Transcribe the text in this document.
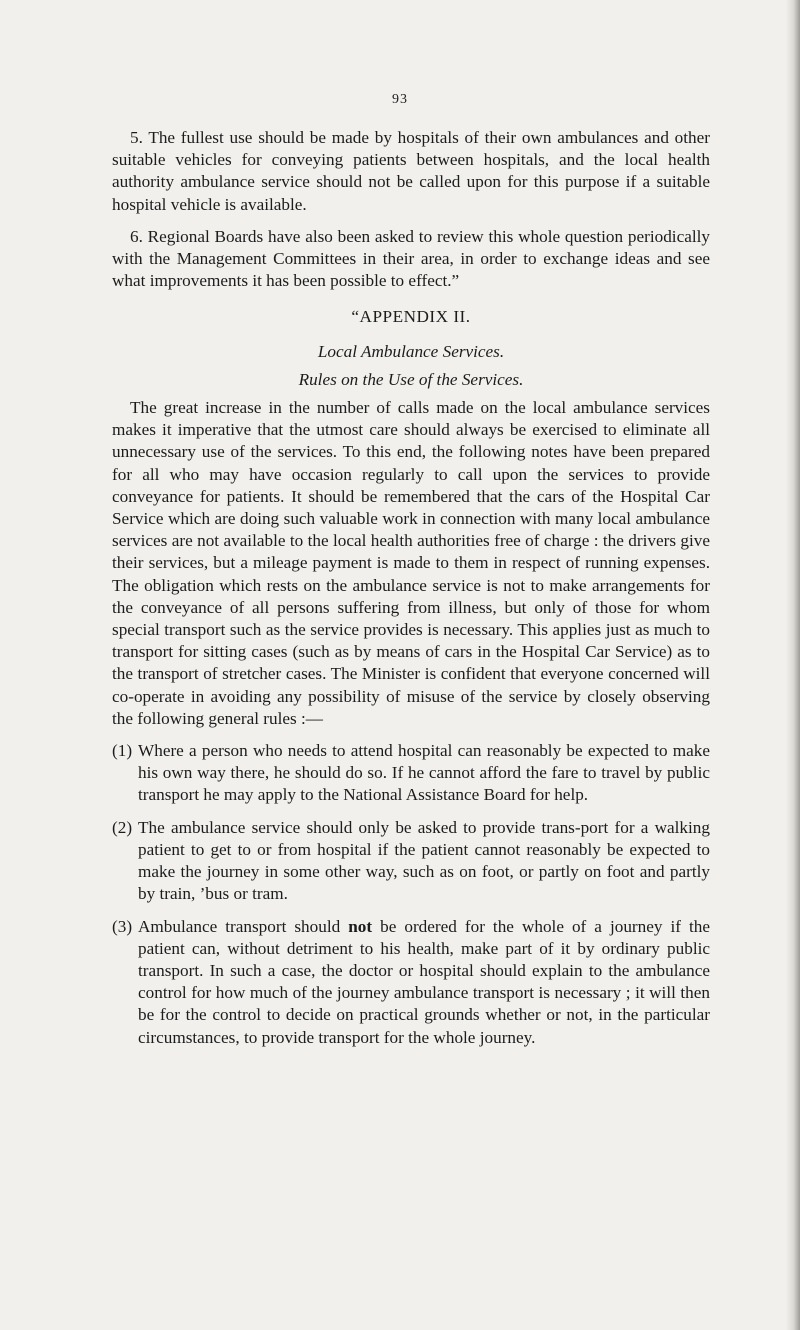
93

5. The fullest use should be made by hospitals of their own ambulances and other suitable vehicles for conveying patients between hospitals, and the local health authority ambulance service should not be called upon for this purpose if a suitable hospital vehicle is available.

6. Regional Boards have also been asked to review this whole question periodically with the Management Committees in their area, in order to exchange ideas and see what improvements it has been possible to effect.”

“APPENDIX II.

Local Ambulance Services.

Rules on the Use of the Services.

The great increase in the number of calls made on the local ambulance services makes it imperative that the utmost care should always be exercised to eliminate all unnecessary use of the services. To this end, the following notes have been prepared for all who may have occasion regularly to call upon the services to provide conveyance for patients. It should be remembered that the cars of the Hospital Car Service which are doing such valuable work in connection with many local ambulance services are not available to the local health authorities free of charge : the drivers give their services, but a mileage payment is made to them in respect of running expenses. The obligation which rests on the ambulance service is not to make arrangements for the conveyance of all persons suffering from illness, but only of those for whom special transport such as the service provides is necessary. This applies just as much to transport for sitting cases (such as by means of cars in the Hospital Car Service) as to the transport of stretcher cases. The Minister is confident that everyone concerned will co-operate in avoiding any possibility of misuse of the service by closely observing the following general rules :—

(1) Where a person who needs to attend hospital can reasonably be expected to make his own way there, he should do so. If he cannot afford the fare to travel by public transport he may apply to the National Assistance Board for help.
(2) The ambulance service should only be asked to provide trans-port for a walking patient to get to or from hospital if the patient cannot reasonably be expected to make the journey in some other way, such as on foot, or partly on foot and partly by train, ’bus or tram.
(3) Ambulance transport should not be ordered for the whole of a journey if the patient can, without detriment to his health, make part of it by ordinary public transport. In such a case, the doctor or hospital should explain to the ambulance control for how much of the journey ambulance transport is necessary ; it will then be for the control to decide on practical grounds whether or not, in the particular circumstances, to provide transport for the whole journey.
